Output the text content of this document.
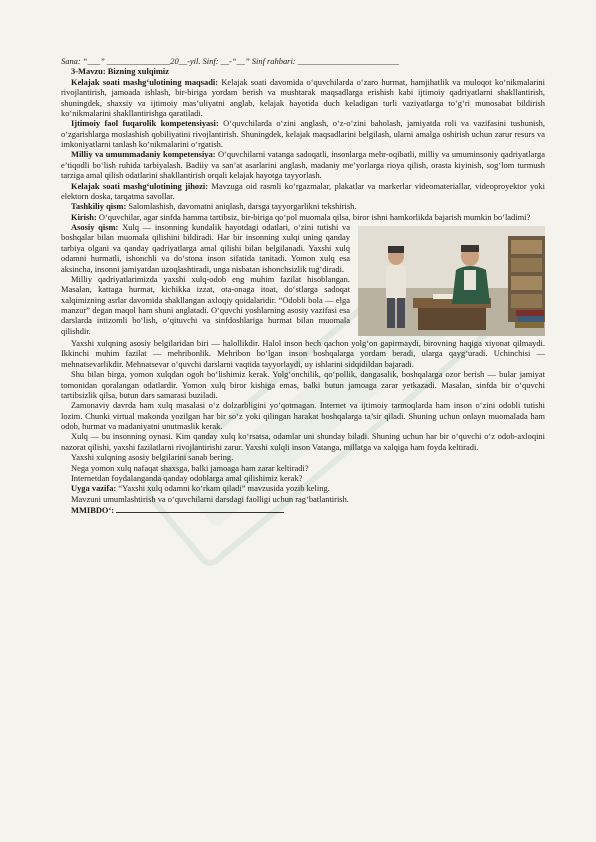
Sana: “___” _______________20__-yil. Sinf: __-“__” Sinf rahbari: ________________________

3-Mavzu: Bizning xulqimiz

Kelajak soati mashg‘ulotining maqsadi: Kelajak soati davomida o‘quvchilarda o‘zaro hurmat, hamjihatlik va muloqot ko‘nikmalarini rivojlantirish, jamoada ishlash, bir-biriga yordam berish va mushtarak maqsadlarga erishish kabi ijtimoiy qadriyatlarni shakllantirish, shuningdek, shaxsiy va ijtimoiy mas’uliyatni anglab, kelajak hayotida duch keladigan turli vaziyatlarga to‘g‘ri munosabat bildirish ko‘nikmalarini shakllantirishga qaratiladi.

Ijtimoiy faol fuqarolik kompetensiyasi: O‘quvchilarda o‘zini anglash, o‘z-o‘zini baholash, jamiyatda roli va vazifasini tushunish, o‘zgarishlarga moslashish qobiliyatini rivojlantirish. Shuningdek, kelajak maqsadlarini belgilash, ularni amalga oshirish uchun zarur resurs va imkoniyatlarni tanlash ko‘nikmalarini o‘rgatish.

Milliy va umummadaniy kompetensiya: O‘quvchilarni vatanga sadoqatli, insonlarga mehr-oqibatli, milliy va umuminsoniy qadriyatlarga e’tiqodli bo‘lish ruhida tarbiyalash. Badiiy va san’at asarlarini anglash, madaniy me’yorlarga rioya qilish, orasta kiyinish, sog‘lom turmush tarziga amal qilish odatlarini shakllantirish orqali kelajak hayotga tayyorlash.

Kelajak soati mashg‘ulotining jihozi: Mavzuga oid rasmli ko‘rgazmalar, plakatlar va markerlar videomateriallar, videoproyektor yoki elektorn doska, tarqatma savollar.

Tashkiliy qism: Salomlashish, davomatni aniqlash, darsga tayyorgarlikni tekshirish.

Kirish: O‘quvchilar, agar sinfda hamma tartibsiz, bir-biriga qo‘pol muomala qilsa, biror ishni hamkorlikda bajarish mumkin bo‘ladimi?

Asosiy qism: Xulq — insonning kundalik hayotdagi odatlari, o‘zini tutishi va boshqalar bilan muomala qilishini bildiradi. Har bir insonning xulqi uning qanday tarbiya olgani va qanday qadriyatlarga amal qilishi bilan belgilanadi. Yaxshi xulq odamni hurmatli, ishonchli va do‘stona inson sifatida tanitadi. Yomon xulq esa aksincha, insonni jamiyatdan uzoqlashtiradi, unga nisbatan ishonchsizlik tug‘diradi.

Milliy qadriyatlarimizda yaxshi xulq-odob eng muhim fazilat hisoblangan. Masalan, kattaga hurmat, kichikka izzat, ota-onaga itoat, do‘stlarga sadoqat xalqimizning asrlar davomida shakllangan axloqiy qoidalaridir. “Odobli bola — elga manzur” degan maqol ham shuni anglatadi. O‘quvchi yoshlarning asosiy vazifasi esa darslarda intizomli bo‘lish, o‘qituvchi va sinfdoshlariga hurmat bilan muomala qilishdir.

Yaxshi xulqning asosiy belgilaridan biri — halollikdir. Halol inson hech qachon yolg‘on gapirmaydi, birovning haqiga xiyonat qilmaydi. Ikkinchi muhim fazilat — mehribonlik. Mehribon bo‘lgan inson boshqalarga yordam beradi, ularga qayg‘uradi. Uchinchisi — mehnatsevarlikdir. Mehnatsevar o‘quvchi darslarni vaqtida tayyorlaydi, uy ishlarini sidqidildan bajaradi.

Shu bilan birga, yomon xulqdan ogoh bo‘lishimiz kerak. Yolg‘onchilik, qo‘pollik, dangasalik, boshqalarga ozor berish — bular jamiyat tomonidan qoralangan odatlardir. Yomon xulq biror kishiga emas, balki butun jamoaga zarar yetkazadi. Masalan, sinfda bir o‘quvchi tartibsizlik qilsa, butun dars samarasi buziladi.

Zamonaviy davrda ham xulq masalasi o‘z dolzarbligini yo‘qotmagan. Internet va ijtimoiy tarmoqlarda ham inson o‘zini odobli tutishi lozim. Chunki virtual makonda yozilgan har bir so‘z yoki qilingan harakat boshqalarga ta’sir qiladi. Shuning uchun onlayn muomalada ham odob, hurmat va madaniyatni unutmaslik kerak.

Xulq — bu insonning oynasi. Kim qanday xulq ko‘rsatsa, odamlar uni shunday biladi. Shuning uchun har bir o‘quvchi o‘z odob-axloqini nazorat qilishi, yaxshi fazilatlarni rivojlantirishi zarur. Yaxshi xulqli inson Vatanga, millatga va xalqiga ham foyda keltiradi.

Yaxshi xulqning asosiy belgilarini sanab bering.

Nega yomon xulq nafaqat shaxsga, balki jamoaga ham zarar keltiradi?

Internetdan foydalanganda qanday odoblarga amal qilishimiz kerak?

Uyga vazifa: “Yaxshi xulq odamni ko‘rkam qiladi” mavzusida yozib keling.

Mavzuni umumlashtirish va o‘quvchilarni darsdagi faolligi uchun rag‘batlantirish.

MMIBDO‘:
